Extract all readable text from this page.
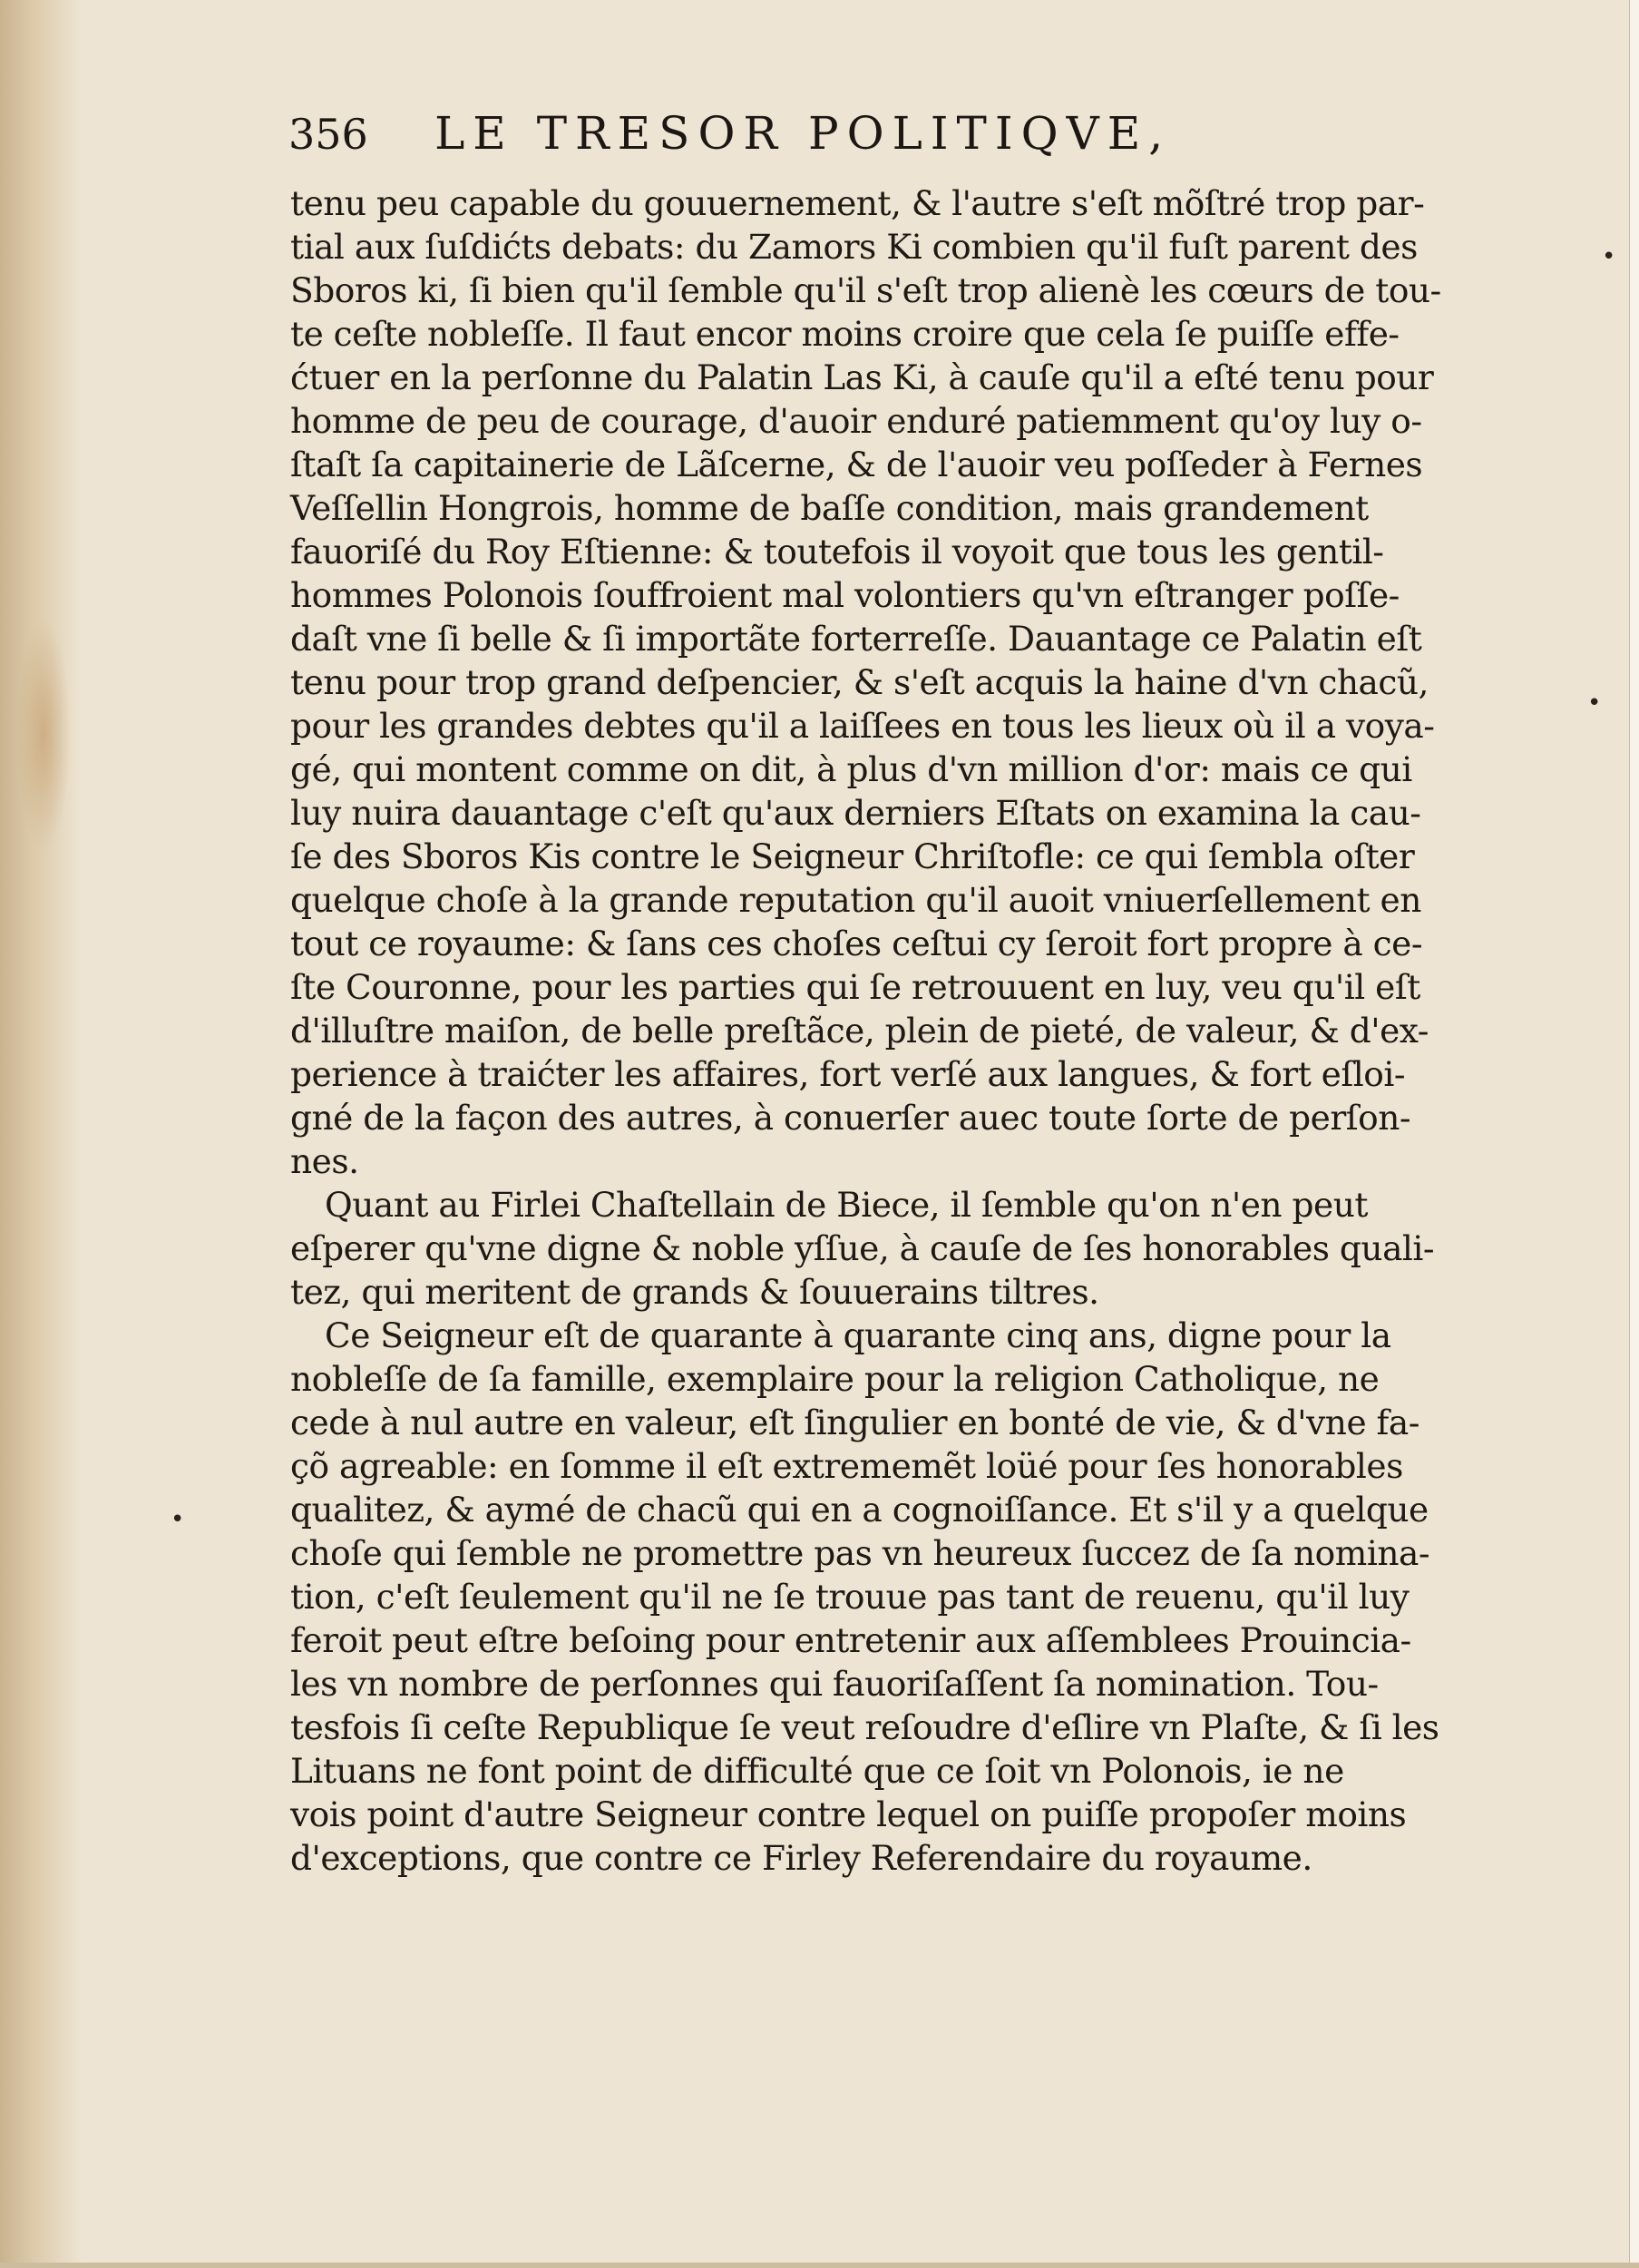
356 LE TRESOR POLITIQVE,
•
•
•
tenu peu capable du gouuernement, & l'autre s'eſt mõſtré trop par-
tial aux ſuſdićts debats: du Zamors Ki combien qu'il fuſt parent des
Sboros ki, ſi bien qu'il ſemble qu'il s'eſt trop alienè les cœurs de tou-
te ceſte nobleſſe. Il faut encor moins croire que cela ſe puiſſe effe-
ćtuer en la perſonne du Palatin Las Ki, à cauſe qu'il a eſté tenu pour
homme de peu de courage, d'auoir enduré patiemment qu'oy luy o-
ſtaſt ſa capitainerie de Lãſcerne, & de l'auoir veu poſſeder à Fernes
Veſſellin Hongrois, homme de baſſe condition, mais grandement
fauoriſé du Roy Eſtienne: & toutefois il voyoit que tous les gentil-
hommes Polonois ſouffroient mal volontiers qu'vn eſtranger poſſe-
daſt vne ſi belle & ſi importãte forterreſſe. Dauantage ce Palatin eſt
tenu pour trop grand deſpencier, & s'eſt acquis la haine d'vn chacũ,
pour les grandes debtes qu'il a laiſſees en tous les lieux où il a voya-
gé, qui montent comme on dit, à plus d'vn million d'or: mais ce qui
luy nuira dauantage c'eſt qu'aux derniers Eſtats on examina la cau-
ſe des Sboros Kis contre le Seigneur Chriſtofle: ce qui ſembla oſter
quelque choſe à la grande reputation qu'il auoit vniuerſellement en
tout ce royaume: & ſans ces choſes ceſtui cy ſeroit fort propre à ce-
ſte Couronne, pour les parties qui ſe retrouuent en luy, veu qu'il eſt
d'illuſtre maiſon, de belle preſtãce, plein de pieté, de valeur, & d'ex-
perience à traićter les affaires, fort verſé aux langues, & fort eſloi-
gné de la façon des autres, à conuerſer auec toute ſorte de perſon-
nes.
Quant au Firlei Chaſtellain de Biece, il ſemble qu'on n'en peut
eſperer qu'vne digne & noble yſſue, à cauſe de ſes honorables quali-
tez, qui meritent de grands & ſouuerains tiltres.
Ce Seigneur eſt de quarante à quarante cinq ans, digne pour la
nobleſſe de ſa famille, exemplaire pour la religion Catholique, ne
cede à nul autre en valeur, eſt ſingulier en bonté de vie, & d'vne fa-
çõ agreable: en ſomme il eſt extrememẽt loüé pour ſes honorables
qualitez, & aymé de chacũ qui en a cognoiſſance. Et s'il y a quelque
choſe qui ſemble ne promettre pas vn heureux ſuccez de ſa nomina-
tion, c'eſt ſeulement qu'il ne ſe trouue pas tant de reuenu, qu'il luy
feroit peut eſtre beſoing pour entretenir aux aſſemblees Prouincia-
les vn nombre de perſonnes qui fauoriſaſſent ſa nomination. Tou-
tesfois ſi ceſte Republique ſe veut reſoudre d'eſlire vn Plaſte, & ſi les
Lituans ne font point de difficulté que ce ſoit vn Polonois, ie ne
vois point d'autre Seigneur contre lequel on puiſſe propoſer moins
d'exceptions, que contre ce Firley Referendaire du royaume.
